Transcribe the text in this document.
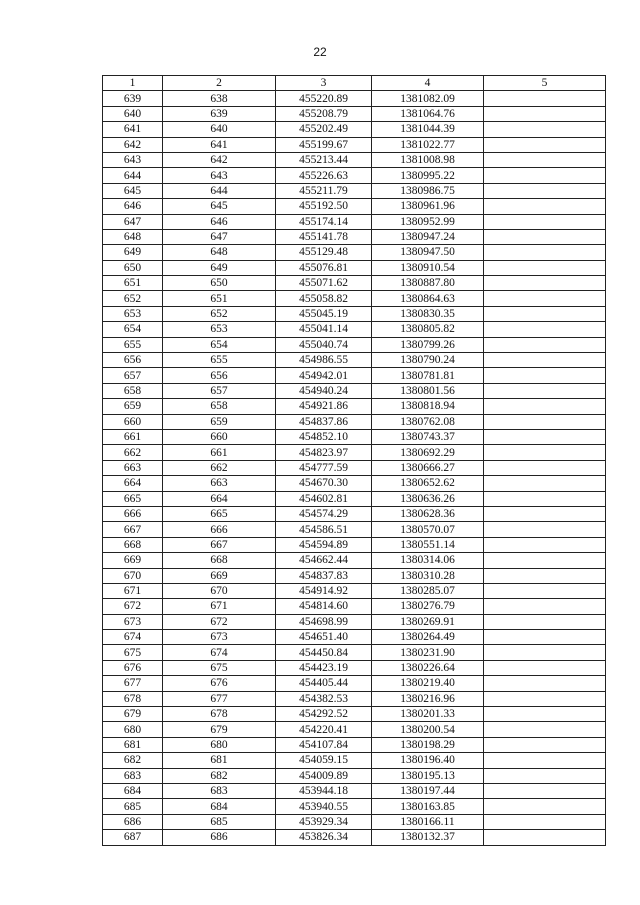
22
1	2	3	4	5
639	638	455220.89	1381082.09	
640	639	455208.79	1381064.76	
641	640	455202.49	1381044.39	
642	641	455199.67	1381022.77	
643	642	455213.44	1381008.98	
644	643	455226.63	1380995.22	
645	644	455211.79	1380986.75	
646	645	455192.50	1380961.96	
647	646	455174.14	1380952.99	
648	647	455141.78	1380947.24	
649	648	455129.48	1380947.50	
650	649	455076.81	1380910.54	
651	650	455071.62	1380887.80	
652	651	455058.82	1380864.63	
653	652	455045.19	1380830.35	
654	653	455041.14	1380805.82	
655	654	455040.74	1380799.26	
656	655	454986.55	1380790.24	
657	656	454942.01	1380781.81	
658	657	454940.24	1380801.56	
659	658	454921.86	1380818.94	
660	659	454837.86	1380762.08	
661	660	454852.10	1380743.37	
662	661	454823.97	1380692.29	
663	662	454777.59	1380666.27	
664	663	454670.30	1380652.62	
665	664	454602.81	1380636.26	
666	665	454574.29	1380628.36	
667	666	454586.51	1380570.07	
668	667	454594.89	1380551.14	
669	668	454662.44	1380314.06	
670	669	454837.83	1380310.28	
671	670	454914.92	1380285.07	
672	671	454814.60	1380276.79	
673	672	454698.99	1380269.91	
674	673	454651.40	1380264.49	
675	674	454450.84	1380231.90	
676	675	454423.19	1380226.64	
677	676	454405.44	1380219.40	
678	677	454382.53	1380216.96	
679	678	454292.52	1380201.33	
680	679	454220.41	1380200.54	
681	680	454107.84	1380198.29	
682	681	454059.15	1380196.40	
683	682	454009.89	1380195.13	
684	683	453944.18	1380197.44	
685	684	453940.55	1380163.85	
686	685	453929.34	1380166.11	
687	686	453826.34	1380132.37	
